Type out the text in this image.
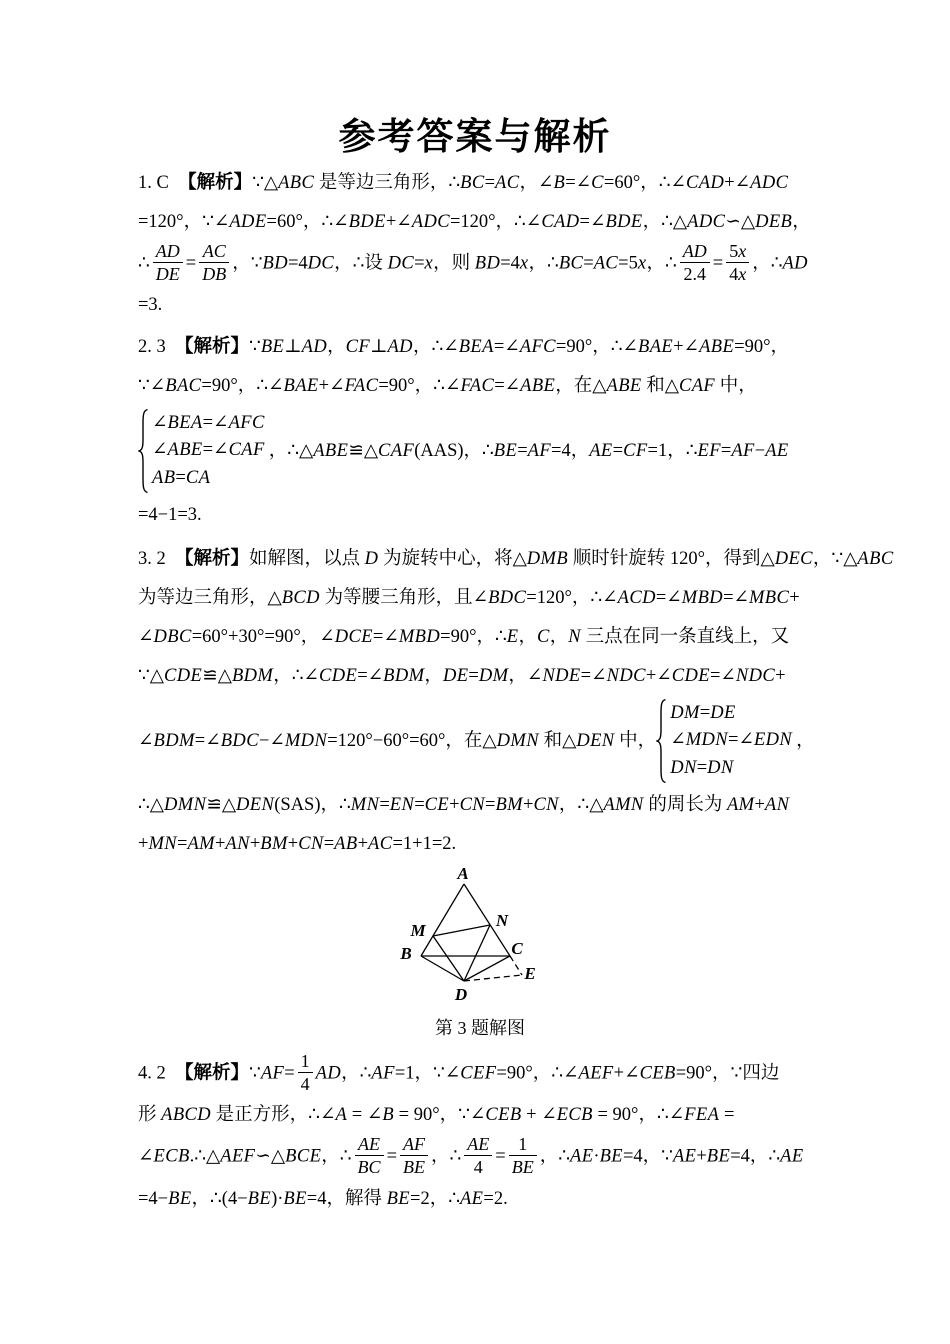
参考答案与解析
1. C　【解析】∵△ABC 是等边三角形，∴BC=AC，∠B=∠C=60°，∴∠CAD+∠ADC
=120°，∵∠ADE=60°，∴∠BDE+∠ADC=120°，∴∠CAD=∠BDE，∴△ADC∽△DEB，
∴ $\frac{AD}{DE} = \frac{AC}{DB}$ ，∵BD=4DC，∴设 DC=x，则 BD=4x，∴BC=AC=5x，∴ $\frac{AD}{2.4} = \frac{5x}{4x}$ ，∴AD
=3.
2. 3　【解析】∵BE⊥AD，CF⊥AD，∴∠BEA=∠AFC=90°，∴∠BAE+∠ABE=90°，
∵∠BAC=90°，∴∠BAE+∠FAC=90°，∴∠FAC=∠ABE，在△ABE 和△CAF 中，
∠BEA=∠AFC
∠ABE=∠CAF
AB=CA
，∴△ABE≌△CAF(AAS)，∴BE=AF=4，AE=CF=1，∴EF=AF−AE
=4−1=3.
3. 2　【解析】如解图，以点 D 为旋转中心，将△DMB 顺时针旋转 120°，得到△DEC，∵△ABC
为等边三角形，△BCD 为等腰三角形，且∠BDC=120°，∴∠ACD=∠MBD=∠MBC+
∠DBC=60°+30°=90°，∠DCE=∠MBD=90°，∴E，C，N 三点在同一条直线上，又
∵△CDE≌△BDM，∴∠CDE=∠BDM，DE=DM，∠NDE=∠NDC+∠CDE=∠NDC+
∠BDM=∠BDC−∠MDN=120°−60°=60°，在△DMN 和△DEN 中，
DM=DE
∠MDN=∠EDN
DN=DN
，
∴△DMN≌△DEN(SAS)，∴MN=EN=CE+CN=BM+CN，∴△AMN 的周长为 AM+AN
+MN=AM+AN+BM+CN=AB+AC=1+1=2.
A
M
N
B	C
D
E
第 3 题解图
4. 2　【解析】∵AF= $\frac{1}{4}$ AD，∴AF=1，∵∠CEF=90°，∴∠AEF+∠CEB=90°，∵四边
形 ABCD 是正方形，∴∠A = ∠B = 90°，∵∠CEB + ∠ECB = 90°，∴∠FEA =
∠ECB.∴△AEF∽△BCE，∴ $\frac{AE}{BC} = \frac{AF}{BE}$ ，∴ $\frac{AE}{4} = \frac{1}{BE}$ ，∴AE·BE=4，∵AE+BE=4，∴AE
=4−BE，∴(4−BE)·BE=4，解得 BE=2，∴AE=2.
